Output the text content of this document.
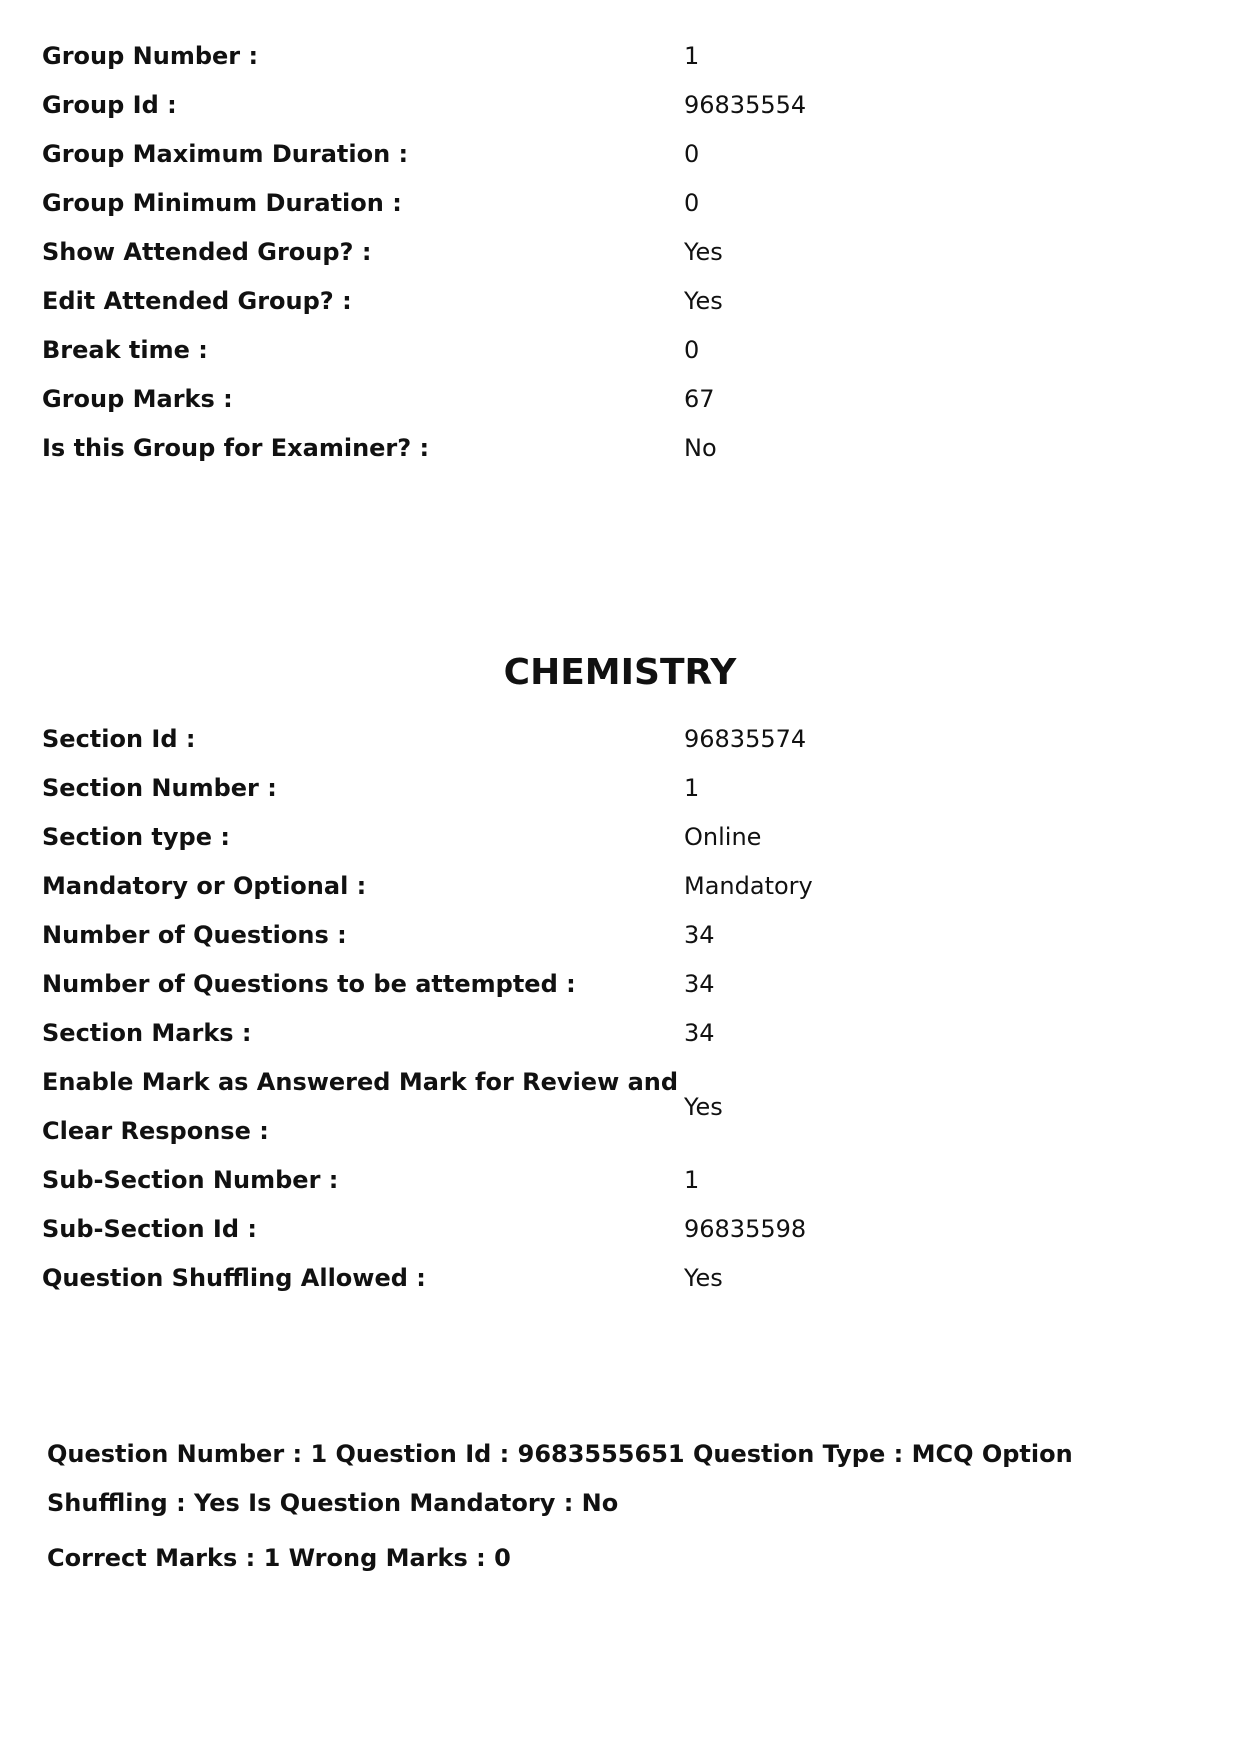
Group Number :	1
Group Id :	96835554
Group Maximum Duration :	0
Group Minimum Duration :	0
Show Attended Group? :	Yes
Edit Attended Group? :	Yes
Break time :	0
Group Marks :	67
Is this Group for Examiner? :	No
CHEMISTRY
Section Id :	96835574
Section Number :	1
Section type :	Online
Mandatory or Optional :	Mandatory
Number of Questions :	34
Number of Questions to be attempted :	34
Section Marks :	34
Enable Mark as Answered Mark for Review and Clear Response :	Yes
Sub-Section Number :	1
Sub-Section Id :	96835598
Question Shuffling Allowed :	Yes

Question Number : 1 Question Id : 9683555651 Question Type : MCQ Option Shuffling : Yes Is Question Mandatory : No

Correct Marks : 1 Wrong Marks : 0
